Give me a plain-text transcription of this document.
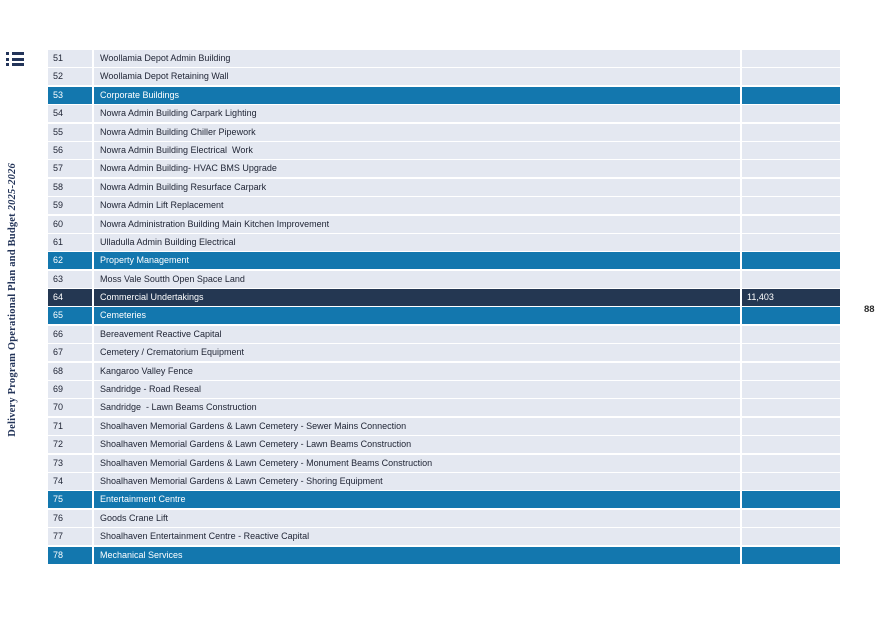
Delivery Program Operational Plan and Budget 2025-2026
51	Woollamia Depot Admin Building
52	Woollamia Depot Retaining Wall
53	Corporate Buildings
54	Nowra Admin Building Carpark Lighting
55	Nowra Admin Building Chiller Pipework
56	Nowra Admin Building Electrical  Work
57	Nowra Admin Building- HVAC BMS Upgrade
58	Nowra Admin Building Resurface Carpark
59	Nowra Admin Lift Replacement
60	Nowra Administration Building Main Kitchen Improvement
61	Ulladulla Admin Building Electrical
62	Property Management
63	Moss Vale Soutth Open Space Land
64	Commercial Undertakings	11,403
65	Cemeteries
66	Bereavement Reactive Capital
67	Cemetery / Crematorium Equipment
68	Kangaroo Valley Fence
69	Sandridge - Road Reseal
70	Sandridge  - Lawn Beams Construction
71	Shoalhaven Memorial Gardens & Lawn Cemetery - Sewer Mains Connection
72	Shoalhaven Memorial Gardens & Lawn Cemetery - Lawn Beams Construction
73	Shoalhaven Memorial Gardens & Lawn Cemetery - Monument Beams Construction
74	Shoalhaven Memorial Gardens & Lawn Cemetery - Shoring Equipment
75	Entertainment Centre
76	Goods Crane Lift
77	Shoalhaven Entertainment Centre - Reactive Capital
78	Mechanical Services
88
